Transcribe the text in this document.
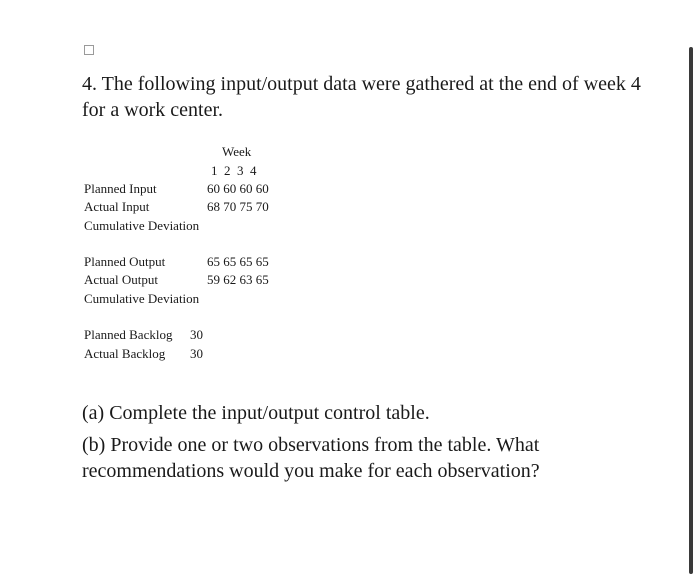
4. The following input/output data were gathered at the end of week 4 for a work center.

Week
1  2  3  4
Planned Input	60 60 60 60
Actual Input	68 70 75 70
Cumulative Deviation
Planned Output	65 65 65 65
Actual Output	59 62 63 65
Cumulative Deviation
Planned Backlog 30
Actual Backlog 30

(a) Complete the input/output control table.

(b) Provide one or two observations from the table. What recommendations would you make for each observation?
